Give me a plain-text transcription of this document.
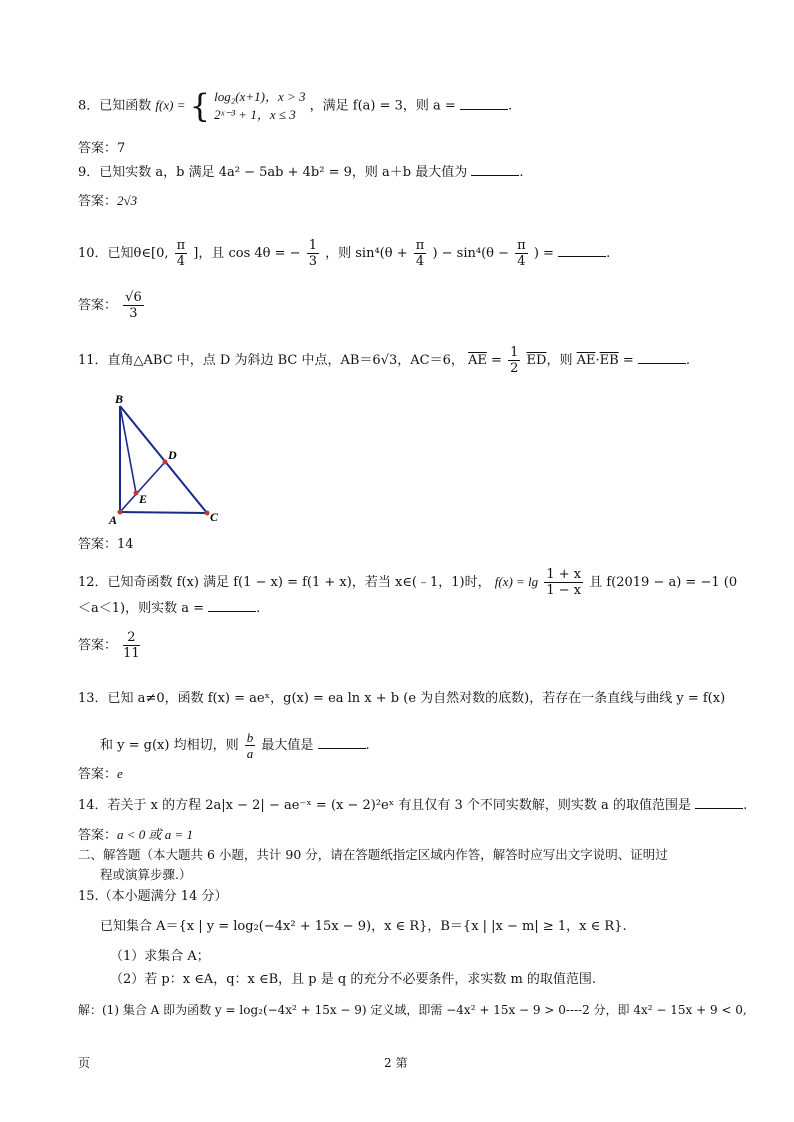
8．已知函数 f(x) = { log₂(x+1)，x > 3
2ˣ⁻³ + 1，x ≤ 3
，满足 f(a) = 3，则 a =	.
答案：7
9．已知实数 a，b 满足 4a² − 5ab + 4b² = 9，则 a＋b 最大值为	.
答案：2√3
10．已知θ∈[0, $\frac{\pi}{4}$ ]，且 cos 4θ = − $\frac{1}{3}$ ，则 $\sin^4(\theta + \frac{\pi}{4}$ ) − $\sin^4(\theta - \frac{\pi}{4}$ ) =	.
答案： $\frac{√6}{3}$
11．直角△ABC 中，点 D 为斜边 BC 中点，AB＝6√3，AC＝6， $\overline{AE} = \frac{1}{2} \overline{ED}$，则 $\overline{AE}\cdot\overline{EB}$ =	.
B
D
E
A	C
答案：14
12．已知奇函数 f(x) 满足 f(1 − x) = f(1 + x)，若当 x∈(﹣1，1)时， $f(x) = \lg \frac{1 + x}{1 - x}$ 且 f(2019 − a) = −1 (0
＜a＜1)，则实数 a =	.
答案： $\frac{2}{11}$
13．已知 a≠0，函数 f(x) = aeˣ，g(x) = ea ln x + b (e 为自然对数的底数)，若存在一条直线与曲线 y = f(x)
和 y = g(x) 均相切，则 $\frac{b}{a}$ 最大值是	.
答案：e
14．若关于 x 的方程 2a|x − 2| − ae⁻ˣ = (x − 2)²eˣ 有且仅有 3 个不同实数解，则实数 a 的取值范围是	.
答案：a < 0 或 a = 1
二、解答题（本大题共 6 小题，共计 90 分，请在答题纸指定区域内作答，解答时应写出文字说明、证明过
程或演算步骤.）
15.（本小题满分 14 分）
已知集合 A＝{x | y = log₂(−4x² + 15x − 9)，x ∈ R}，B＝{x | |x − m| ≥ 1，x ∈ R}.
（1）求集合 A；
（2）若 p：x ∈A，q：x ∈B，且 p 是 q 的充分不必要条件，求实数 m 的取值范围.
解：(1) 集合 A 即为函数 y = log₂(−4x² + 15x − 9) 定义域，即需 −4x² + 15x − 9 > 0----2 分，即 4x² − 15x + 9 < 0,
页	2 第
